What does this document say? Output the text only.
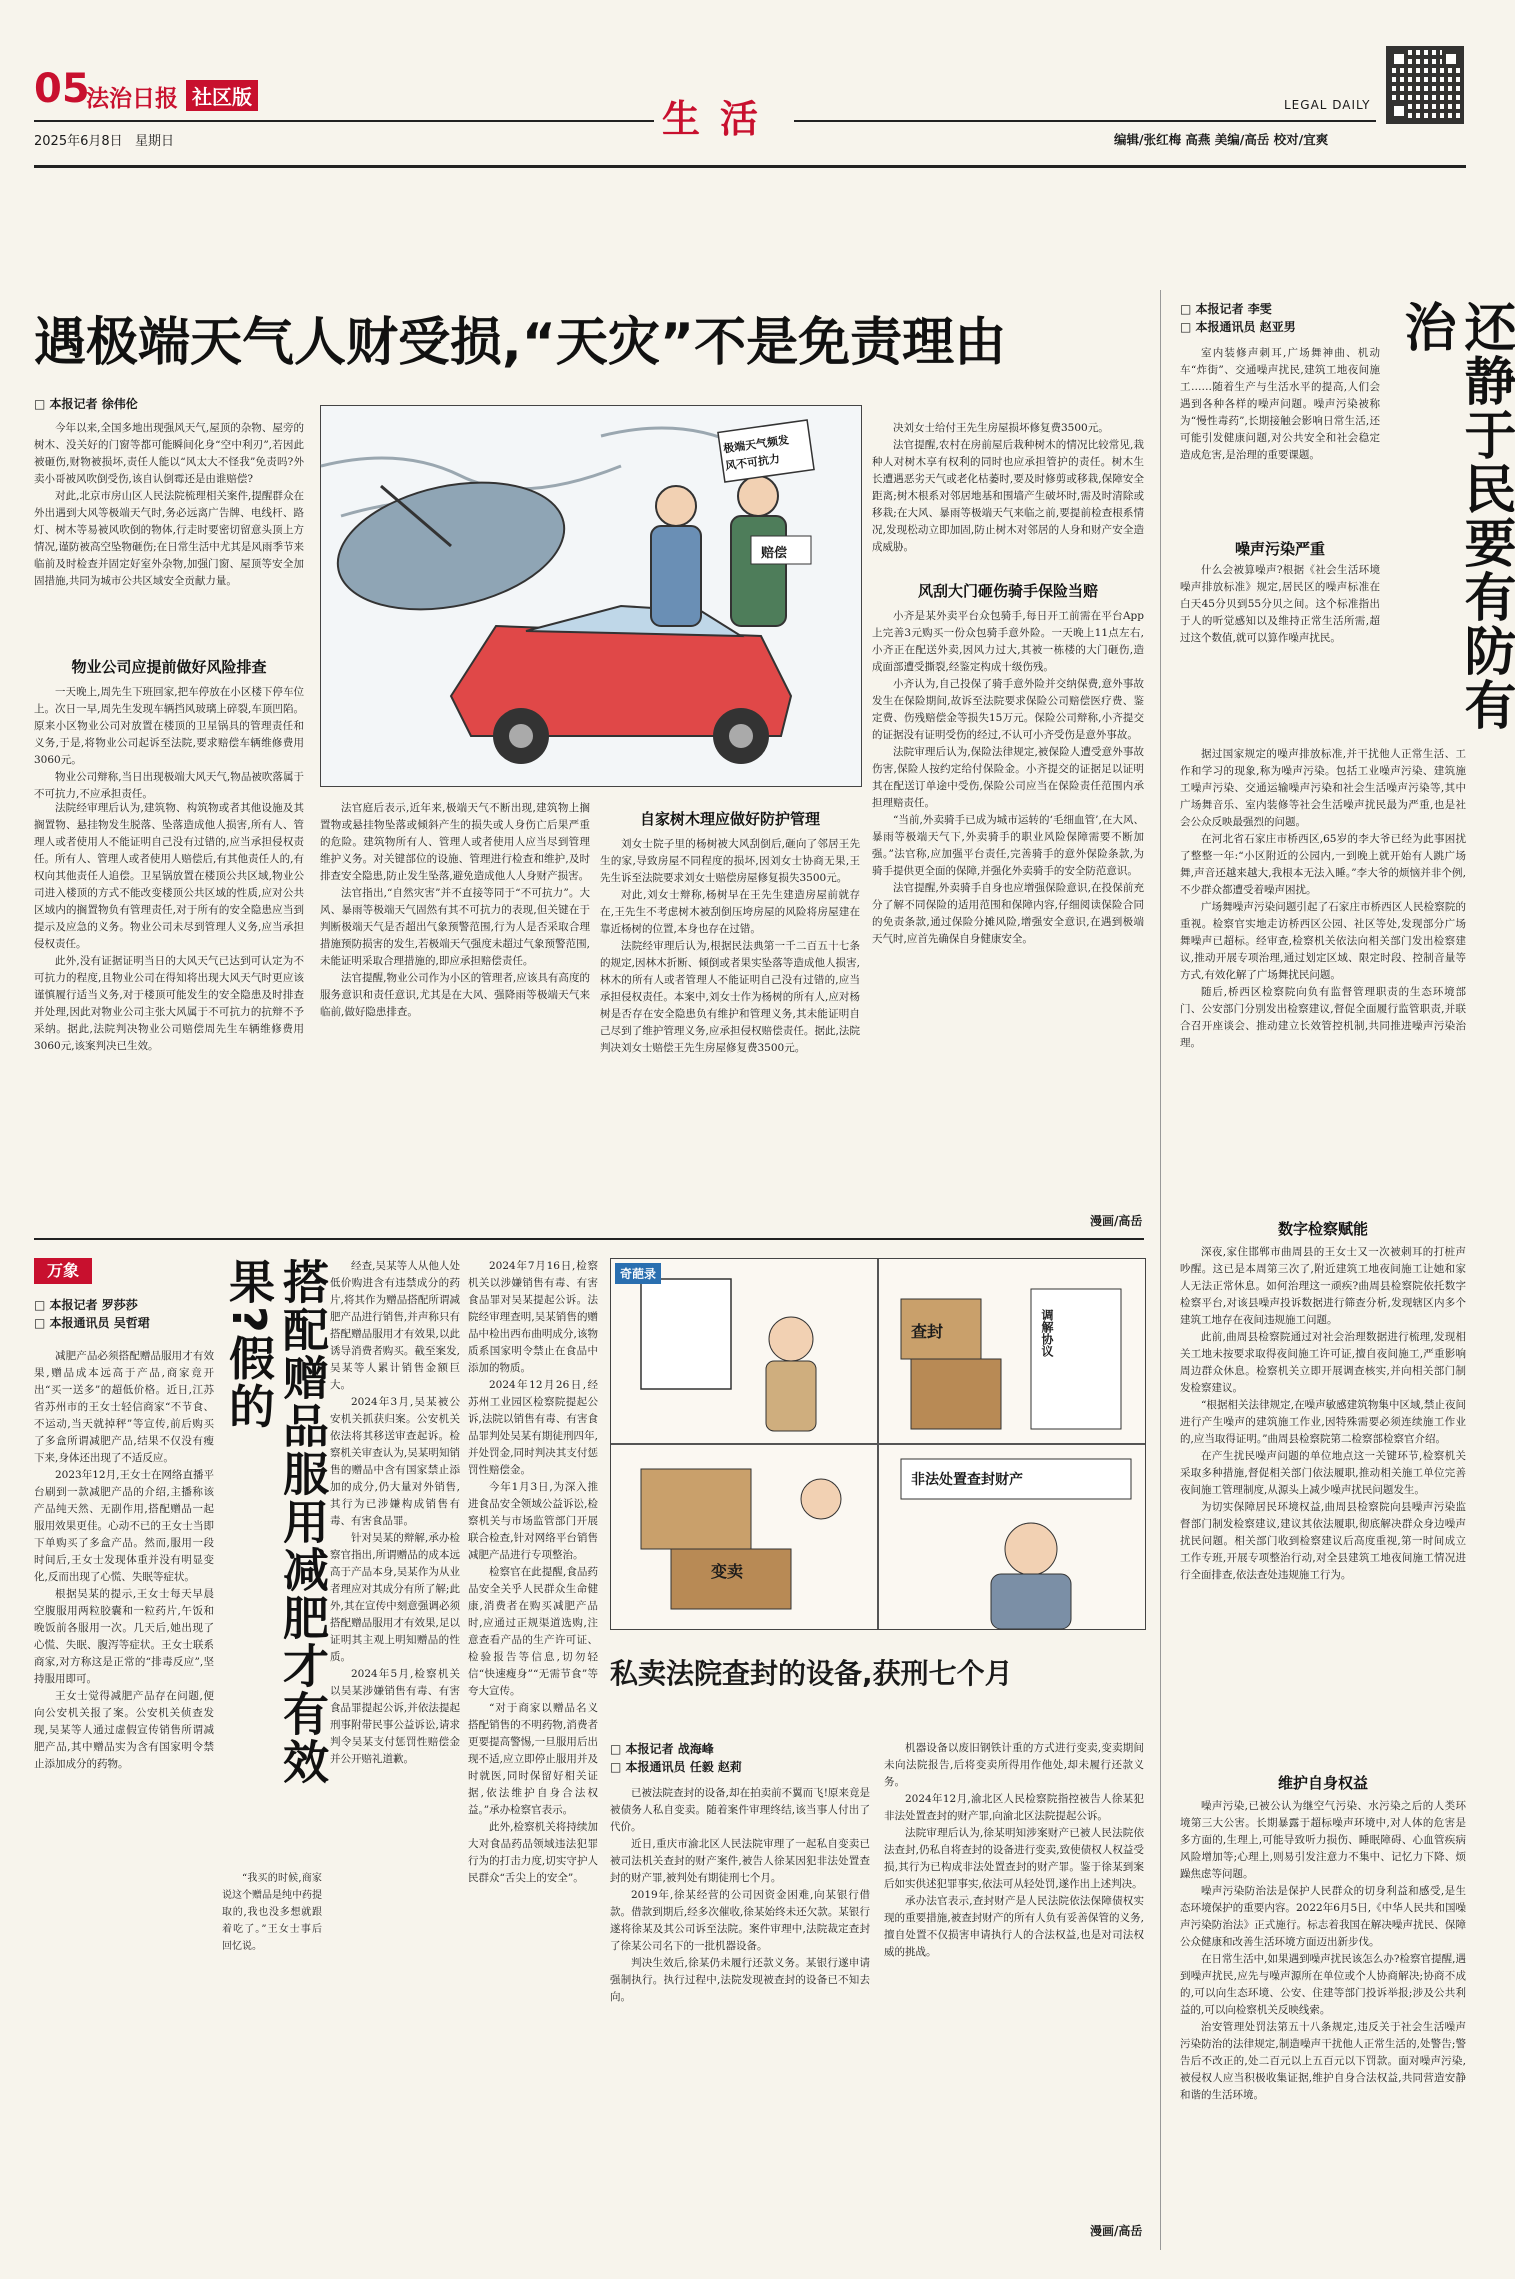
05
法治日报 社区版
2025年6月8日 星期日
生活	LEGAL DAILY
编辑/张红梅 高燕 美编/高岳 校对/宜爽
遇极端天气人财受损,“天灾”不是免责理由
□ 本报记者 徐伟伦

今年以来,全国多地出现强风天气,屋顶的杂物、屋旁的树木、没关好的门窗等都可能瞬间化身“空中利刃”,若因此被砸伤,财物被损坏,责任人能以“风太大不怪我”免责吗?外卖小哥被风吹倒受伤,该自认倒霉还是由谁赔偿?

对此,北京市房山区人民法院梳理相关案件,提醒群众在外出遇到大风等极端天气时,务必远离广告牌、电线杆、路灯、树木等易被风吹倒的物体,行走时要密切留意头顶上方情况,谨防被高空坠物砸伤;在日常生活中尤其是风雨季节来临前及时检查并固定好室外杂物,加强门窗、屋顶等安全加固措施,共同为城市公共区域安全贡献力量。

物业公司应提前做好风险排查

一天晚上,周先生下班回家,把车停放在小区楼下停车位上。次日一早,周先生发现车辆挡风玻璃上碎裂,车顶凹陷。原来小区物业公司对放置在楼顶的卫星锅具的管理责任和义务,于是,将物业公司起诉至法院,要求赔偿车辆维修费用3060元。

物业公司辩称,当日出现极端大风天气,物品被吹落属于不可抗力,不应承担责任。

法院经审理后认为,建筑物、构筑物或者其他设施及其搁置物、悬挂物发生脱落、坠落造成他人损害,所有人、管理人或者使用人不能证明自己没有过错的,应当承担侵权责任。所有人、管理人或者使用人赔偿后,有其他责任人的,有权向其他责任人追偿。卫星锅放置在楼顶公共区域,物业公司进入楼顶的方式不能改变楼顶公共区域的性质,应对公共区域内的搁置物负有管理责任,对于所有的安全隐患应当到提示及应急的义务。物业公司未尽到管理人义务,应当承担侵权责任。

此外,没有证据证明当日的大风天气已达到可认定为不可抗力的程度,且物业公司在得知将出现大风天气时更应该谨慎履行适当义务,对于楼顶可能发生的安全隐患及时排查并处理,因此对物业公司主张大风属于不可抗力的抗辩不予采纳。据此,法院判决物业公司赔偿周先生车辆维修费用3060元,该案判决已生效。

极端天气频发
风不可抗力
赔偿

法官庭后表示,近年来,极端天气不断出现,建筑物上搁置物或悬挂物坠落或倾斜产生的损失或人身伤亡后果严重的危险。建筑物所有人、管理人或者使用人应当尽到管理维护义务。对关键部位的设施、管理进行检查和维护,及时排查安全隐患,防止发生坠落,避免造成他人人身财产损害。

法官指出,“自然灾害”并不直接等同于“不可抗力”。大风、暴雨等极端天气固然有其不可抗力的表现,但关键在于判断极端天气是否超出气象预警范围,行为人是否采取合理措施预防损害的发生,若极端天气强度未超过气象预警范围,未能证明采取合理措施的,即应承担赔偿责任。

法官提醒,物业公司作为小区的管理者,应该具有高度的服务意识和责任意识,尤其是在大风、强降雨等极端天气来临前,做好隐患排查。

自家树木理应做好防护管理

刘女士院子里的杨树被大风刮倒后,砸向了邻居王先生的家,导致房屋不同程度的损坏,因刘女士协商无果,王先生诉至法院要求刘女士赔偿房屋修复损失3500元。

对此,刘女士辩称,杨树早在王先生建造房屋前就存在,王先生不考虑树木被刮倒压垮房屋的风险将房屋建在靠近杨树的位置,本身也存在过错。

法院经审理后认为,根据民法典第一千二百五十七条的规定,因林木折断、倾倒或者果实坠落等造成他人损害,林木的所有人或者管理人不能证明自己没有过错的,应当承担侵权责任。本案中,刘女士作为杨树的所有人,应对杨树是否存在安全隐患负有维护和管理义务,其未能证明自己尽到了维护管理义务,应承担侵权赔偿责任。据此,法院判决刘女士赔偿王先生房屋修复费3500元。

决刘女士给付王先生房屋损坏修复费3500元。

法官提醒,农村在房前屋后栽种树木的情况比较常见,栽种人对树木享有权利的同时也应承担管护的责任。树木生长遭遇恶劣天气或老化枯萎时,要及时修剪或移栽,保障安全距离;树木根系对邻居地基和围墙产生破坏时,需及时清除或移栽;在大风、暴雨等极端天气来临之前,要提前检查根系情况,发现松动立即加固,防止树木对邻居的人身和财产安全造成威胁。

风刮大门砸伤骑手保险当赔

小齐是某外卖平台众包骑手,每日开工前需在平台App上完善3元购买一份众包骑手意外险。一天晚上11点左右,小齐正在配送外卖,因风力过大,其被一栋楼的大门砸伤,造成面部遭受撕裂,经鉴定构成十级伤残。

小齐认为,自己投保了骑手意外险并交纳保费,意外事故发生在保险期间,故诉至法院要求保险公司赔偿医疗费、鉴定费、伤残赔偿金等损失15万元。保险公司辩称,小齐提交的证据没有证明受伤的经过,不认可小齐受伤是意外事故。

法院审理后认为,保险法律规定,被保险人遭受意外事故伤害,保险人按约定给付保险金。小齐提交的证据足以证明其在配送订单途中受伤,保险公司应当在保险责任范围内承担理赔责任。

“当前,外卖骑手已成为城市运转的‘毛细血管’,在大风、暴雨等极端天气下,外卖骑手的职业风险保障需要不断加强。”法官称,应加强平台责任,完善骑手的意外保险条款,为骑手提供更全面的保障,并强化外卖骑手的安全防范意识。

法官提醒,外卖骑手自身也应增强保险意识,在投保前充分了解不同保险的适用范围和保障内容,仔细阅读保险合同的免责条款,通过保险分摊风险,增强安全意识,在遇到极端天气时,应首先确保自身健康安全。

漫画/高岳
□ 本报记者 李雯
□ 本报通讯员 赵亚男	还静于民要有防有治

室内装修声刺耳,广场舞神曲、机动车“炸街”、交通噪声扰民,建筑工地夜间施工……随着生产与生活水平的提高,人们会遇到各种各样的噪声问题。噪声污染被称为“慢性毒药”,长期接触会影响日常生活,还可能引发健康问题,对公共安全和社会稳定造成危害,是治理的重要课题。

噪声污染严重

什么会被算噪声?根据《社会生活环境噪声排放标准》规定,居民区的噪声标准在白天45分贝到55分贝之间。这个标准指出于人的听觉感知以及维持正常生活所需,超过这个数值,就可以算作噪声扰民。

据过国家规定的噪声排放标准,并干扰他人正常生活、工作和学习的现象,称为噪声污染。包括工业噪声污染、建筑施工噪声污染、交通运输噪声污染和社会生活噪声污染等,其中广场舞音乐、室内装修等社会生活噪声扰民最为严重,也是社会公众反映最强烈的问题。

在河北省石家庄市桥西区,65岁的李大爷已经为此事困扰了整整一年:“小区附近的公园内,一到晚上就开始有人跳广场舞,声音还越来越大,我根本无法入睡。”李大爷的烦恼并非个例,不少群众都遭受着噪声困扰。

广场舞噪声污染问题引起了石家庄市桥西区人民检察院的重视。检察官实地走访桥西区公园、社区等处,发现部分广场舞噪声已超标。经审查,检察机关依法向相关部门发出检察建议,推动开展专项治理,通过划定区域、限定时段、控制音量等方式,有效化解了广场舞扰民问题。

随后,桥西区检察院向负有监督管理职责的生态环境部门、公安部门分别发出检察建议,督促全面履行监管职责,并联合召开座谈会、推动建立长效管控机制,共同推进噪声污染治理。

数字检察赋能

深夜,家住邯郸市曲周县的王女士又一次被刺耳的打桩声吵醒。这已是本周第三次了,附近建筑工地夜间施工让她和家人无法正常休息。如何治理这一顽疾?曲周县检察院依托数字检察平台,对该县噪声投诉数据进行筛查分析,发现辖区内多个建筑工地存在夜间违规施工问题。

此前,曲周县检察院通过对社会治理数据进行梳理,发现相关工地未按要求取得夜间施工许可证,擅自夜间施工,严重影响周边群众休息。检察机关立即开展调查核实,并向相关部门制发检察建议。

“根据相关法律规定,在噪声敏感建筑物集中区域,禁止夜间进行产生噪声的建筑施工作业,因特殊需要必须连续施工作业的,应当取得证明。”曲周县检察院第二检察部检察官介绍。

在产生扰民噪声问题的单位地点这一关键环节,检察机关采取多种措施,督促相关部门依法履职,推动相关施工单位完善夜间施工管理制度,从源头上减少噪声扰民问题发生。

为切实保障居民环境权益,曲周县检察院向县噪声污染监督部门制发检察建议,建议其依法履职,彻底解决群众身边噪声扰民问题。相关部门收到检察建议后高度重视,第一时间成立工作专班,开展专项整治行动,对全县建筑工地夜间施工情况进行全面排查,依法查处违规施工行为。

维护自身权益

噪声污染,已被公认为继空气污染、水污染之后的人类环境第三大公害。长期暴露于超标噪声环境中,对人体的危害是多方面的,生理上,可能导致听力损伤、睡眠障碍、心血管疾病风险增加等;心理上,则易引发注意力不集中、记忆力下降、烦躁焦虑等问题。

噪声污染防治法是保护人民群众的切身利益和感受,是生态环境保护的重要内容。2022年6月5日,《中华人民共和国噪声污染防治法》正式施行。标志着我国在解决噪声扰民、保障公众健康和改善生活环境方面迈出新步伐。

在日常生活中,如果遇到噪声扰民该怎么办?检察官提醒,遇到噪声扰民,应先与噪声源所在单位或个人协商解决;协商不成的,可以向生态环境、公安、住建等部门投诉举报;涉及公共利益的,可以向检察机关反映线索。

治安管理处罚法第五十八条规定,违反关于社会生活噪声污染防治的法律规定,制造噪声干扰他人正常生活的,处警告;警告后不改正的,处二百元以上五百元以下罚款。面对噪声污染,被侵权人应当积极收集证据,维护自身合法权益,共同营造安静和谐的生活环境。

万象
□ 本报记者 罗莎莎
□ 本报通讯员 吴哲珺	搭配赠品服用减肥才有效果?假的

减肥产品必须搭配赠品服用才有效果,赠品成本远高于产品,商家竟开出“买一送多”的超低价格。近日,江苏省苏州市的王女士轻信商家“不节食、不运动,当天就掉秤”等宣传,前后购买了多盒所谓减肥产品,结果不仅没有瘦下来,身体还出现了不适反应。

2023年12月,王女士在网络直播平台刷到一款减肥产品的介绍,主播称该产品纯天然、无副作用,搭配赠品一起服用效果更佳。心动不已的王女士当即下单购买了多盒产品。然而,服用一段时间后,王女士发现体重并没有明显变化,反而出现了心慌、失眠等症状。

根据吴某的提示,王女士每天早晨空腹服用两粒胶囊和一粒药片,午饭和晚饭前各服用一次。几天后,她出现了心慌、失眠、腹泻等症状。王女士联系商家,对方称这是正常的“排毒反应”,坚持服用即可。

王女士觉得减肥产品存在问题,便向公安机关报了案。公安机关侦查发现,吴某等人通过虚假宣传销售所谓减肥产品,其中赠品实为含有国家明令禁止添加成分的药物。

“我买的时候,商家说这个赠品是纯中药提取的,我也没多想就跟着吃了。”王女士事后回忆说。

经查,吴某等人从他人处低价购进含有违禁成分的药片,将其作为赠品搭配所谓减肥产品进行销售,并声称只有搭配赠品服用才有效果,以此诱导消费者购买。截至案发,吴某等人累计销售金额巨大。

2024年3月,吴某被公安机关抓获归案。公安机关依法将其移送审查起诉。检察机关审查认为,吴某明知销售的赠品中含有国家禁止添加的成分,仍大量对外销售,其行为已涉嫌构成销售有毒、有害食品罪。

针对吴某的辩解,承办检察官指出,所谓赠品的成本远高于产品本身,吴某作为从业者理应对其成分有所了解;此外,其在宣传中刻意强调必须搭配赠品服用才有效果,足以证明其主观上明知赠品的性质。

2024年5月,检察机关以吴某涉嫌销售有毒、有害食品罪提起公诉,并依法提起刑事附带民事公益诉讼,请求判令吴某支付惩罚性赔偿金并公开赔礼道歉。

2024年7月16日,检察机关以涉嫌销售有毒、有害食品罪对吴某提起公诉。法院经审理查明,吴某销售的赠品中检出西布曲明成分,该物质系国家明令禁止在食品中添加的物质。

2024年12月26日,经苏州工业园区检察院提起公诉,法院以销售有毒、有害食品罪判处吴某有期徒刑四年,并处罚金,同时判决其支付惩罚性赔偿金。

今年1月3日,为深入推进食品安全领域公益诉讼,检察机关与市场监管部门开展联合检查,针对网络平台销售减肥产品进行专项整治。

检察官在此提醒,食品药品安全关乎人民群众生命健康,消费者在购买减肥产品时,应通过正规渠道选购,注意查看产品的生产许可证、检验报告等信息,切勿轻信“快速瘦身”“无需节食”等夸大宣传。

“对于商家以赠品名义搭配销售的不明药物,消费者更要提高警惕,一旦服用后出现不适,应立即停止服用并及时就医,同时保留好相关证据,依法维护自身合法权益。”承办检察官表示。

此外,检察机关将持续加大对食品药品领域违法犯罪行为的打击力度,切实守护人民群众“舌尖上的安全”。

奇葩录
查封
变卖
调解协议
非法处置查封财产
私卖法院查封的设备,获刑七个月
□ 本报记者 战海峰
□ 本报通讯员 任毅 赵莉

已被法院查封的设备,却在拍卖前不翼而飞!原来竟是被债务人私自变卖。随着案件审理终结,该当事人付出了代价。

近日,重庆市渝北区人民法院审理了一起私自变卖已被司法机关查封的财产案件,被告人徐某因犯非法处置查封的财产罪,被判处有期徒刑七个月。

2019年,徐某经营的公司因资金困难,向某银行借款。借款到期后,经多次催收,徐某始终未还欠款。某银行遂将徐某及其公司诉至法院。案件审理中,法院裁定查封了徐某公司名下的一批机器设备。

判决生效后,徐某仍未履行还款义务。某银行遂申请强制执行。执行过程中,法院发现被查封的设备已不知去向。

机器设备以废旧钢铁计重的方式进行变卖,变卖期间未向法院报告,后将变卖所得用作他处,却未履行还款义务。

2024年12月,渝北区人民检察院指控被告人徐某犯非法处置查封的财产罪,向渝北区法院提起公诉。

法院审理后认为,徐某明知涉案财产已被人民法院依法查封,仍私自将查封的设备进行变卖,致使债权人权益受损,其行为已构成非法处置查封的财产罪。鉴于徐某到案后如实供述犯罪事实,依法可从轻处罚,遂作出上述判决。

承办法官表示,查封财产是人民法院依法保障债权实现的重要措施,被查封财产的所有人负有妥善保管的义务,擅自处置不仅损害申请执行人的合法权益,也是对司法权威的挑战。

漫画/高岳
